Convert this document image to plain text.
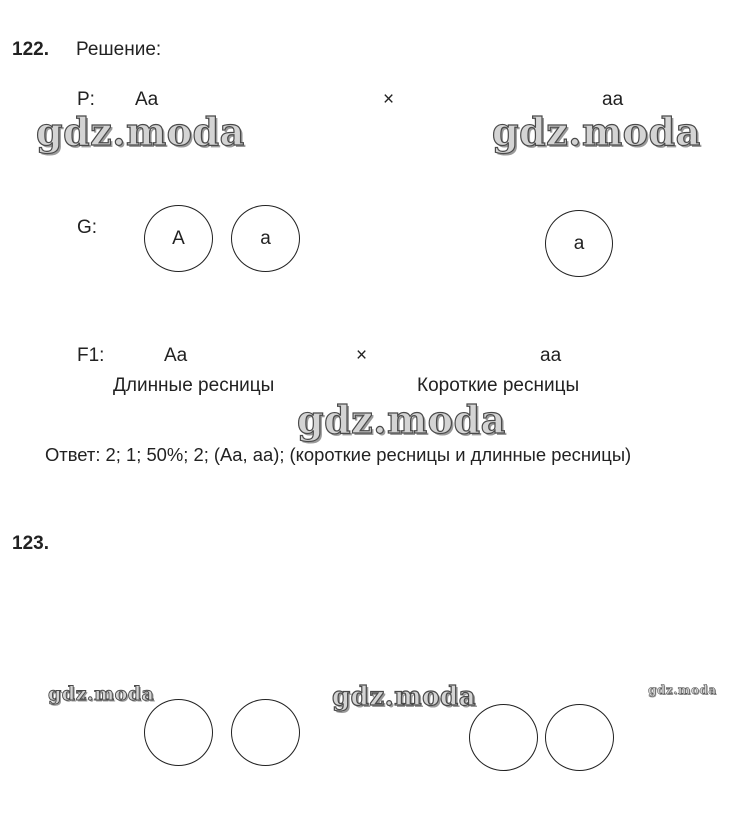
122. Решение:
P: Aa	×	aa
G:	A	a	a
F1:	Aa	×	aa
Длинные ресницы	Короткие ресницы
Ответ: 2; 1; 50%; 2; (Aa, aa); (короткие ресницы и длинные ресницы)
123.
gdz.moda	gdz.moda
gdz.moda
gdz.moda	gdz.moda	gdz.moda
